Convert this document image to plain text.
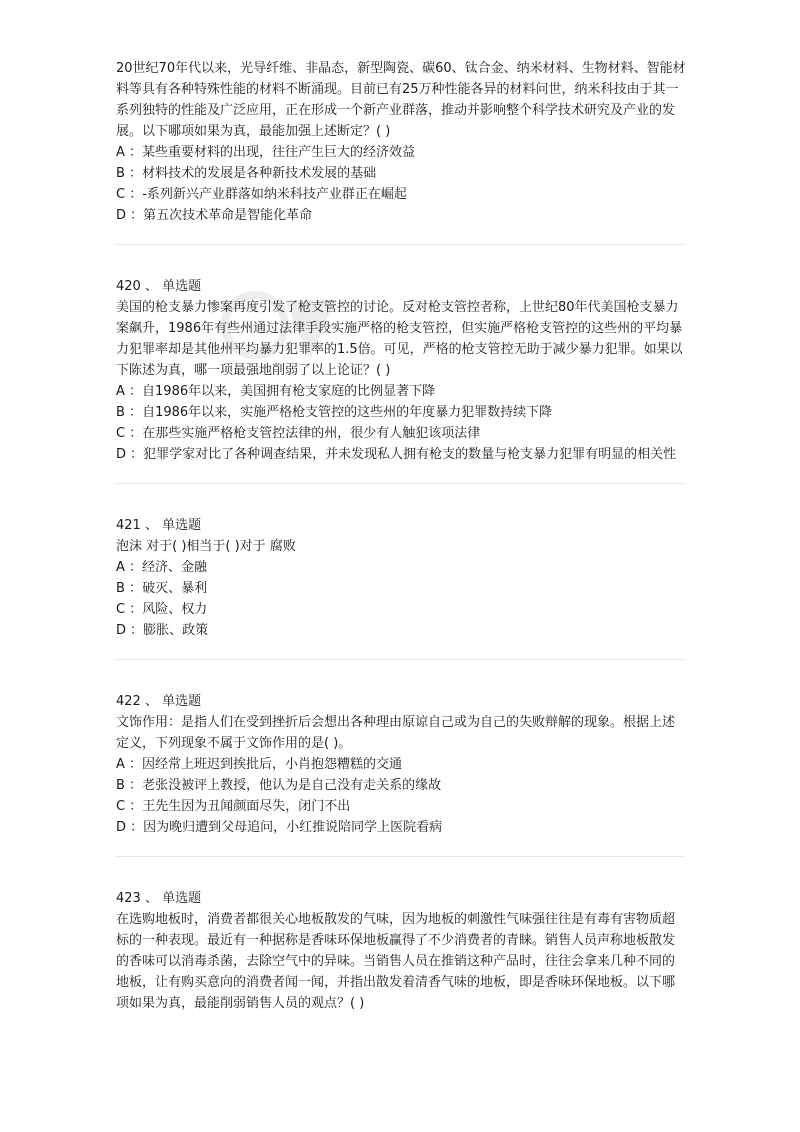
20世纪70年代以来，光导纤维、非晶态，新型陶瓷、碳60、钛合金、纳米材料、生物材料、智能材料等具有各种特殊性能的材料不断涌现。目前已有25万种性能各异的材料问世，纳米科技由于其一系列独特的性能及广泛应用，正在形成一个新产业群落，推动并影响整个科学技术研究及产业的发展。以下哪项如果为真，最能加强上述断定？( )

A ： 某些重要材料的出现，往往产生巨大的经济效益
B ： 材料技术的发展是各种新技术发展的基础
C ： -系列新兴产业群落如纳米科技产业群正在崛起
D ： 第五次技术革命是智能化革命
420 、 单选题

美国的枪支暴力惨案再度引发了枪支管控的讨论。反对枪支管控者称，上世纪80年代美国枪支暴力案飙升，1986年有些州通过法律手段实施严格的枪支管控，但实施严格枪支管控的这些州的平均暴力犯罪率却是其他州平均暴力犯罪率的1.5倍。可见，严格的枪支管控无助于减少暴力犯罪。如果以下陈述为真，哪一项最强地削弱了以上论证？( )

A ： 自1986年以来，美国拥有枪支家庭的比例显著下降
B ： 自1986年以来，实施严格枪支管控的这些州的年度暴力犯罪数持续下降
C ： 在那些实施严格枪支管控法律的州，很少有人触犯该项法律
D ： 犯罪学家对比了各种调查结果，并未发现私人拥有枪支的数量与枪支暴力犯罪有明显的相关性
421 、 单选题

泡沫 对于( )相当于( )对于 腐败

A ： 经济、金融
B ： 破灭、暴利
C ： 风险、权力
D ： 膨胀、政策
422 、 单选题

文饰作用：是指人们在受到挫折后会想出各种理由原谅自己或为自己的失败辩解的现象。根据上述定义，下列现象不属于文饰作用的是( )。

A ： 因经常上班迟到挨批后，小肖抱怨糟糕的交通
B ： 老张没被评上教授，他认为是自己没有走关系的缘故
C ： 王先生因为丑闻颜面尽失，闭门不出
D ： 因为晚归遭到父母追问，小红推说陪同学上医院看病
423 、 单选题

在选购地板时，消费者都很关心地板散发的气味，因为地板的刺激性气味强往往是有毒有害物质超标的一种表现。最近有一种据称是香味环保地板赢得了不少消费者的青睐。销售人员声称地板散发的香味可以消毒杀菌，去除空气中的异味。当销售人员在推销这种产品时，往往会拿来几种不同的地板，让有购买意向的消费者闻一闻，并指出散发着清香气味的地板，即是香味环保地板。以下哪项如果为真，最能削弱销售人员的观点？( )
